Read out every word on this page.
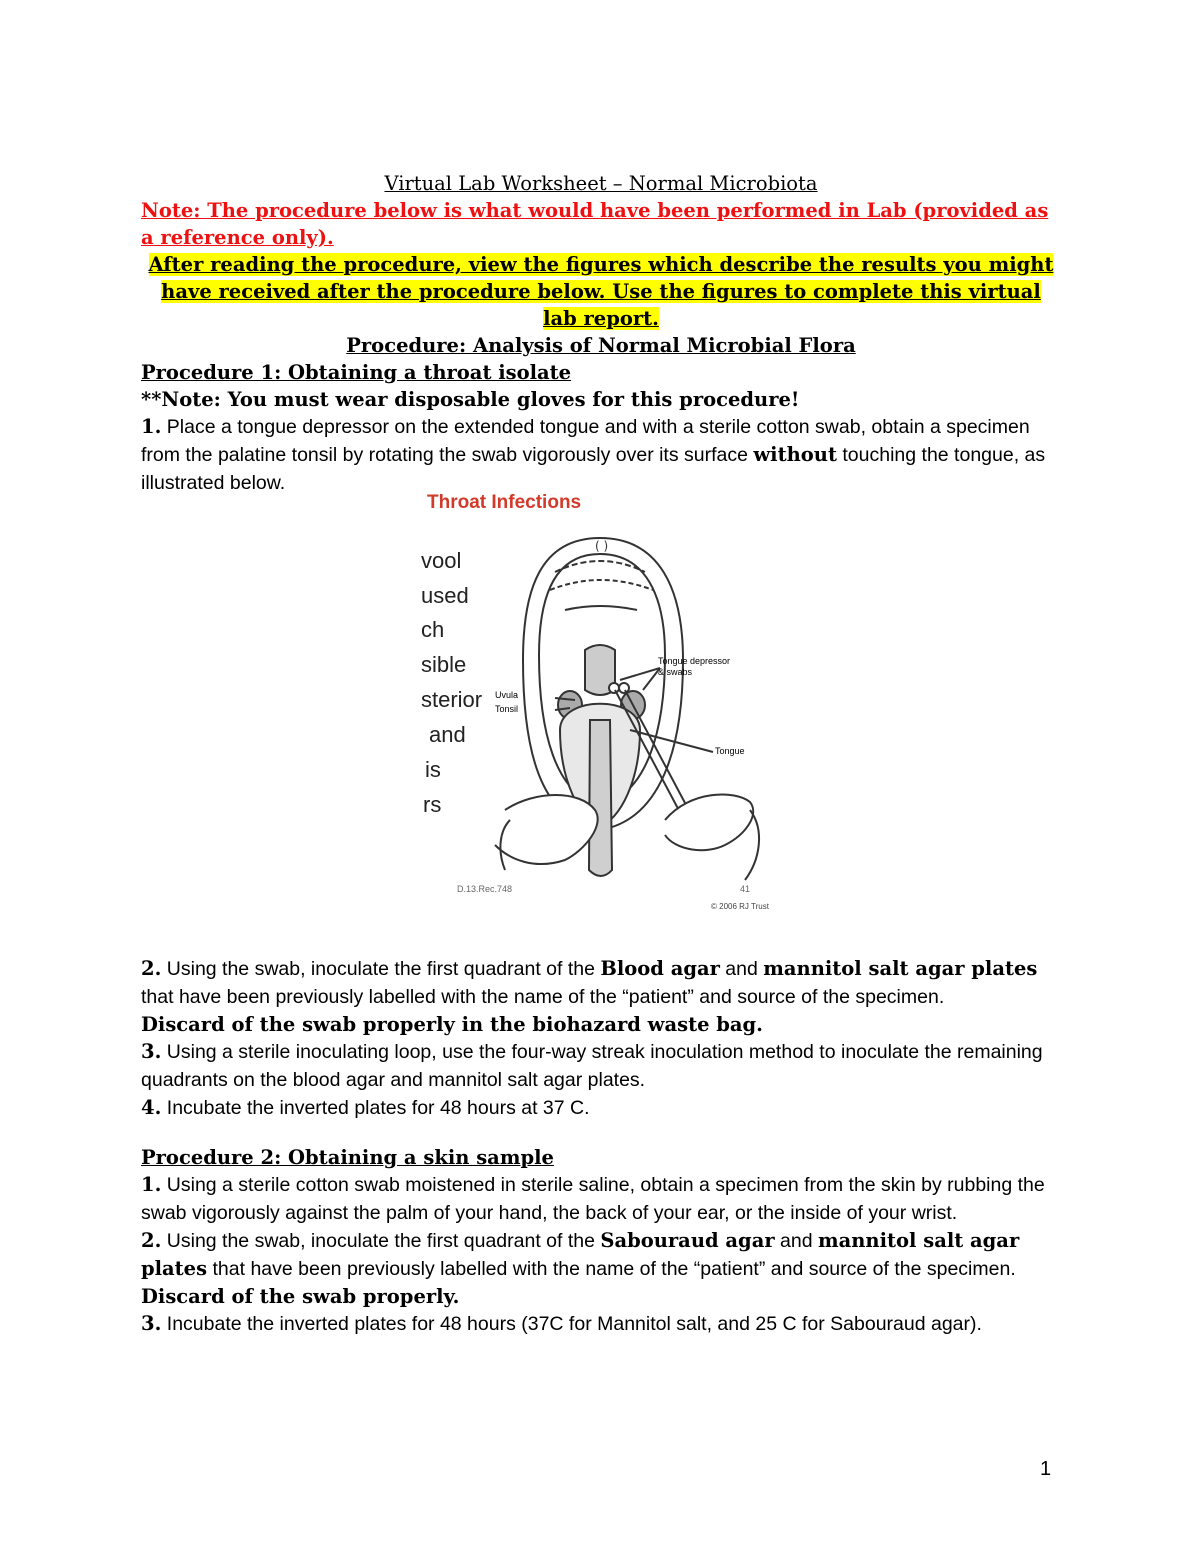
Virtual Lab Worksheet – Normal Microbiota

Note: The procedure below is what would have been performed in Lab (provided as a reference only).
After reading the procedure, view the figures which describe the results you might have received after the procedure below. Use the figures to complete this virtual lab report.
Procedure: Analysis of Normal Microbial Flora
Procedure 1: Obtaining a throat isolate
**Note: You must wear disposable gloves for this procedure!
1. Place a tongue depressor on the extended tongue and with a sterile cotton swab, obtain a specimen from the palatine tonsil by rotating the swab vigorously over its surface without touching the tongue, as illustrated below.
Throat Infections
vool
used
ch
sible
sterior
and
is
rs
( )
Uvula
Tonsil
Tongue depressor
& swabs
Tongue
D.13.Rec.748	41
© 2006 RJ Trust
2. Using the swab, inoculate the first quadrant of the Blood agar and mannitol salt agar plates that have been previously labelled with the name of the “patient” and source of the specimen.
Discard of the swab properly in the biohazard waste bag.
3. Using a sterile inoculating loop, use the four-way streak inoculation method to inoculate the remaining quadrants on the blood agar and mannitol salt agar plates.
4. Incubate the inverted plates for 48 hours at 37 C.
Procedure 2: Obtaining a skin sample
1. Using a sterile cotton swab moistened in sterile saline, obtain a specimen from the skin by rubbing the swab vigorously against the palm of your hand, the back of your ear, or the inside of your wrist.
2. Using the swab, inoculate the first quadrant of the Sabouraud agar and mannitol salt agar plates that have been previously labelled with the name of the “patient” and source of the specimen. Discard of the swab properly.
3. Incubate the inverted plates for 48 hours (37C for Mannitol salt, and 25 C for Sabouraud agar).
1
